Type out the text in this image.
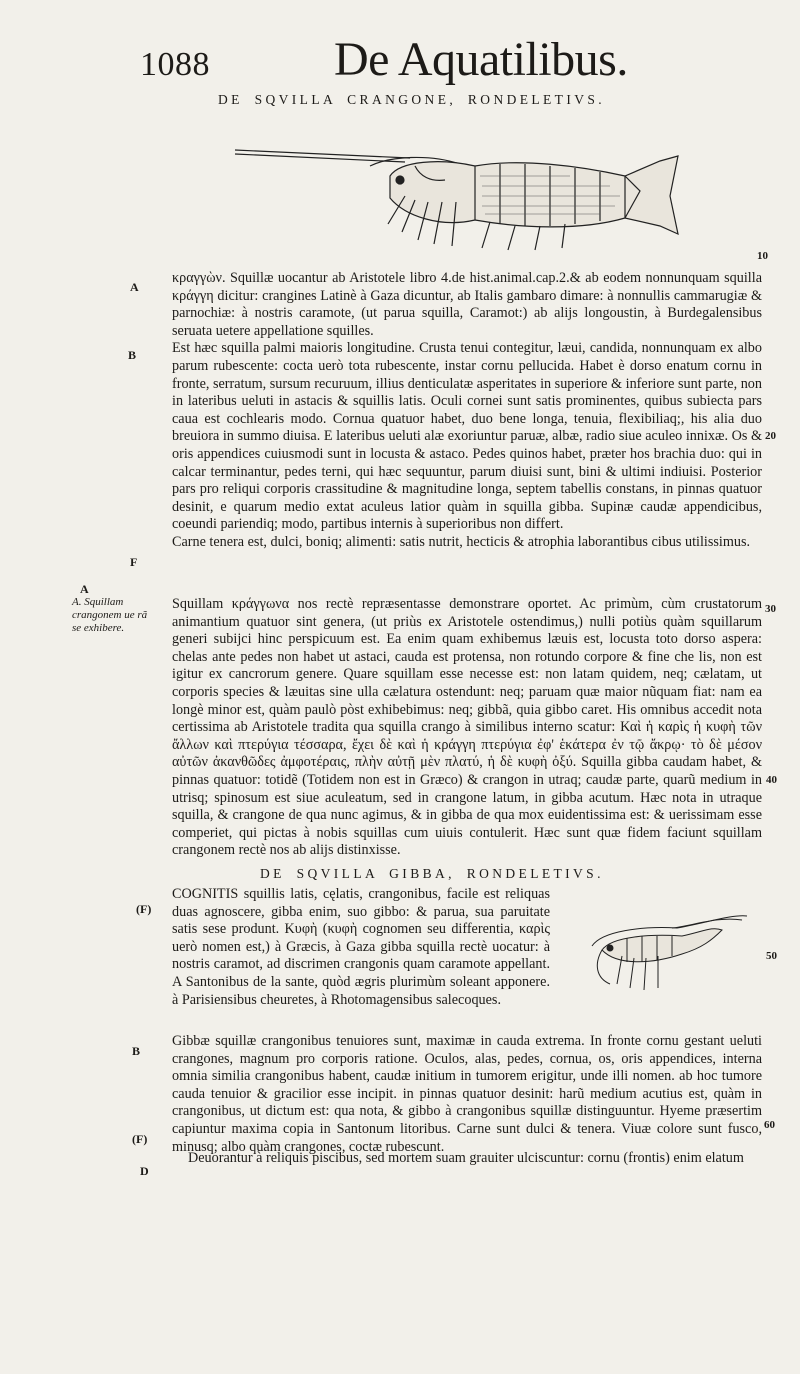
1088	De Aquatilibus.
DE SQVILLA CRANGONE, RONDELETIVS.
10
A
B
F
A
κραγγὼν. Squillæ uocantur ab Aristotele libro 4.de hist.animal.cap.2.& ab eodem nonnunquam squilla κράγγη dicitur: crangines Latinè à Gaza dicuntur, ab Italis gambaro dimare: à nonnullis cammarugiæ & parnochiæ: à nostris caramote, (ut parua squilla, Caramot:) ab alijs longoustin, à Burdegalensibus seruata uetere appellatione squilles.
Est hæc squilla palmi maioris longitudine. Crusta tenui contegitur, læui, candida, nonnunquam ex albo parum rubescente: cocta uerò tota rubescente, instar cornu pellucida. Habet è dorso enatum cornu in fronte, serratum, sursum recuruum, illius denticulatæ asperitates in superiore & inferiore sunt parte, non in lateribus ueluti in astacis & squillis latis. Oculi cornei sunt satis prominentes, quibus subiecta pars caua est cochlearis modo. Cornua quatuor habet, duo bene longa, tenuia, flexibiliaq;, his alia duo breuiora in summo diuisa. E lateribus ueluti alæ exoriuntur paruæ, albæ, radio siue aculeo innixæ. Os & oris appendices cuiusmodi sunt in locusta & astaco. Pedes quinos habet, præter hos brachia duo: qui in calcar terminantur, pedes terni, qui hæc sequuntur, parum diuisi sunt, bini & ultimi indiuisi. Posterior pars pro reliqui corporis crassitudine & magnitudine longa, septem tabellis constans, in pinnas quatuor desinit, e quarum medio extat aculeus latior quàm in squilla gibba. Supinæ caudæ appendicibus, coeundi pariendiq; modo, partibus internis à superioribus non differt.
Carne tenera est, dulci, boniq; alimenti: satis nutrit, hecticis & atrophia laborantibus cibus utilissimus.
A. Squillam crangonem ue rã se exhibere.
Squillam κράγγωνα nos rectè repræsentasse demonstrare oportet. Ac primùm, cùm crustatorum animantium quatuor sint genera, (ut priùs ex Aristotele ostendimus,) nulli potiùs quàm squillarum generi subijci hinc perspicuum est. Ea enim quam exhibemus læuis est, locusta toto dorso aspera: chelas ante pedes non habet ut astaci, cauda est protensa, non rotundo corpore & fine che lis, non est igitur ex cancrorum genere. Quare squillam esse necesse est: non latam quidem, neq; cælatam, ut corporis species & læuitas sine ulla cælatura ostendunt: neq; paruam quæ maior nũquam fiat: nam ea longè minor est, quàm paulò pòst exhibebimus: neq; gibbã, quia gibbo caret. His omnibus accedit nota certissima ab Aristotele tradita qua squilla crango à similibus interno scatur: Καὶ ἡ καρὶς ἡ κυφὴ τῶν ἄλλων καὶ πτερύγια τέσσαρα, ἔχει δὲ καὶ ἡ κράγγη πτερύγια ἐφ' ἑκάτερα ἐν τῷ ἄκρῳ· τὸ δὲ μέσον αὐτῶν ἀκανθῶδες ἀμφοτέραις, πλὴν αὐτῇ μὲν πλατύ, ἡ δὲ κυφὴ ὀξύ. Squilla gibba caudam habet, & pinnas quatuor: totidẽ (Totidem non est in Græco) & crangon in utraq; caudæ parte, quarũ medium in utrisq; spinosum est siue aculeatum, sed in crangone latum, in gibba acutum. Hæc nota in utraque squilla, & crangone de qua nunc agimus, & in gibba de qua mox euidentissima est: & uerissimam esse comperiet, qui pictas à nobis squillas cum uiuis contulerit. Hæc sunt quæ fidem faciunt squillam crangonem rectè nos ab alijs distinxisse.
20
30
40
DE SQVILLA GIBBA, RONDELETIVS.
(F)
B
(F)
D
COGNITIS squillis latis, cęlatis, crangonibus, facile est reliquas duas agnoscere, gibba enim, suo gibbo: & parua, sua paruitate satis sese produnt. Κυφὴ (κυφὴ cognomen seu differentia, καρὶς uerò nomen est,) à Græcis, à Gaza gibba squilla rectè uocatur: à nostris caramot, ad discrimen crangonis quam caramote appellant. A Santonibus de la sante, quòd ægris plurimùm soleant apponere. à Parisiensibus cheuretes, à Rhotomagensibus salecoques.
50
60
Gibbæ squillæ crangonibus tenuiores sunt, maximæ in cauda extrema. In fronte cornu gestant ueluti crangones, magnum pro corporis ratione. Oculos, alas, pedes, cornua, os, oris appendices, interna omnia similia crangonibus habent, caudæ initium in tumorem erigitur, unde illi nomen. ab hoc tumore cauda tenuior & gracilior esse incipit. in pinnas quatuor desinit: harũ medium acutius est, quàm in crangonibus, ut dictum est: qua nota, & gibbo à crangonibus squillæ distinguuntur. Hyeme præsertim capiuntur maxima copia in Santonum litoribus. Carne sunt dulci & tenera. Viuæ colore sunt fusco, minusq; albo quàm crangones, coctæ rubescunt.
Deuorantur à reliquis piscibus, sed mortem suam grauiter ulciscuntur: cornu (frontis) enim elatum
